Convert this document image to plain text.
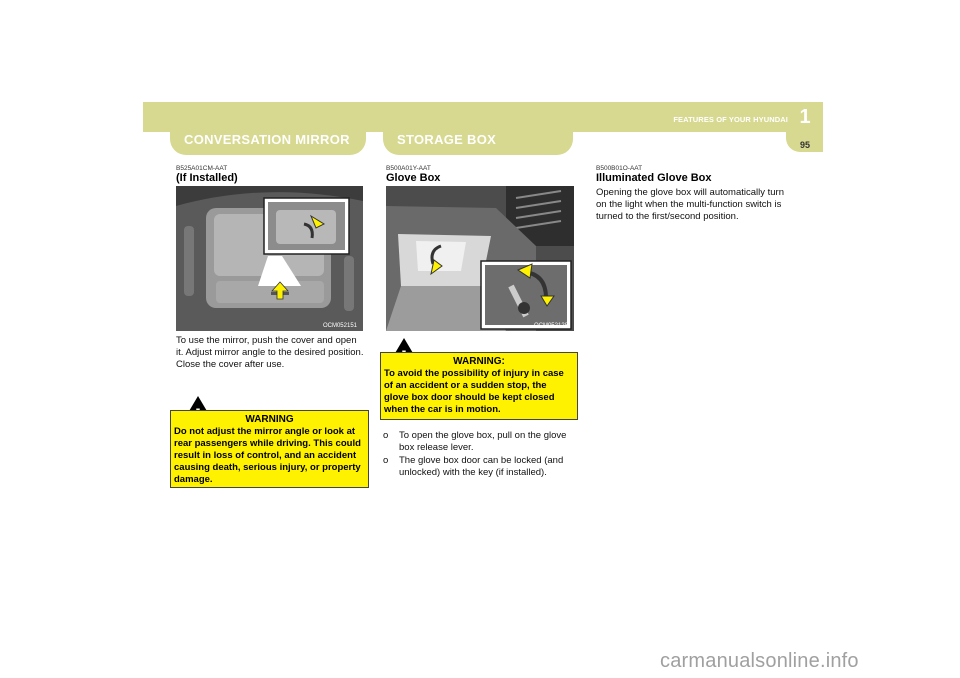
FEATURES OF YOUR HYUNDAI 1
95
CONVERSATION MIRROR	STORAGE BOX
B525A01CM-AAT
(If Installed)
OCM052151
To use the mirror, push the cover and open it. Adjust mirror angle to the desired position. Close the cover after use.
WARNING
Do not adjust the mirror angle or look at rear passengers while driving. This could result in loss of control, and an accident causing death, serious injury, or property damage.
B500A01Y-AAT
Glove Box
OCM052128
WARNING:
To avoid the possibility of injury in case of an accident or a sudden stop, the glove box door should be kept closed when the car is in motion.
o To open the glove box, pull on the glove box release lever.
o The glove box door can be locked (and unlocked) with the key (if installed).
B500B01O-AAT
Illuminated Glove Box
Opening the glove box will automatically turn on the light when the multi-function switch is turned to the first/second position.
carmanualsonline.info
